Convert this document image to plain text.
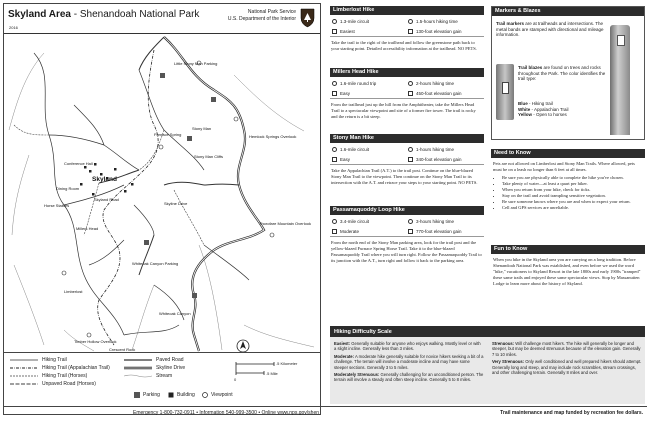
Skyland Area - Shenandoah National Park
2016
National Park Service
U.S. Department of the Interior
Little Stony Man Parking
Stony Man
Stony Man Cliffs
Furnace Spring
Skyland
Hemlock Springs Overlook
Conference Hall
Dining Room
Horse Stables
Thorofare Mountain Overlook
Whiteoak Canyon Parking
Limberlost
Millers Head
Skyline Drive
Timber Hollow Overlook
Crescent Rock
Whiteoak Canyon
Skyland Road
Hiking Trail
Hiking Trail (Appalachian Trail)
Hiking Trail (Horses)
Unpaved Road (Horses)
Paved Road
Skyline Drive
Stream
Parking	Building	Viewpoint
0
.5 Kilometer
.5 Mile
Limberlost Hike
1.3-mile circuit	1.5-hours hiking time
Easiest	130-foot elevation gain
Take the trail to the right of the trailhead and follow the greenstone path back to your starting point. Detailed accessibility information at the trailhead. NO PETS.
Millers Head Hike
1.6-mile round trip	2-hours hiking time
Easy	450-foot elevation gain
From the trailhead just up the hill from the Amphitheater, take the Millers Head Trail to a spectacular viewpoint and site of a former fire tower. The trail is rocky and the return is a bit steep.
Stony Man Hike
1.6-mile circuit	1-hours hiking time
Easy	340-foot elevation gain
Take the Appalachian Trail (A.T.) to the trail post. Continue on the blue-blazed Stony Man Trail to the viewpoint. Then continue on the Stony Man Trail to its intersection with the A.T. and retrace your steps to your starting point. NO PETS.
Passamaquoddy Loop Hike
3.4-mile circuit	3-hours hiking time
Moderate	770-foot elevation gain
From the north end of the Stony Man parking area, look for the trail post and the yellow-blazed Furnace Spring Horse Trail. Take it to the blue-blazed Passamaquoddy Trail where you will turn right. Follow the Passamaquoddy Trail to its junction with the A.T., turn right and follow it back to the parking area.
Markers & Blazes
Trail markers are at trailheads and intersections. The metal bands are stamped with directional and mileage information.
Trail blazes are found on trees and rocks throughout the Park. The color identifies the trail type:
Blue - Hiking trail
White - Appalachian Trail
Yellow - Open to horses
Need to Know
Pets are not allowed on Limberlost and Stony Man Trails. Where allowed, pets must be on a leash no longer than 6 feet at all times.
• Be sure you are physically able to complete the hike you've chosen.
• Take plenty of water—at least a quart per hiker.
• When you return from your hike, check for ticks.
• Stay on the trail and avoid trampling sensitive vegetation.
• Be sure someone knows where you are and when to expect your return.
• Cell and GPS services are unreliable.
Fun to Know
When you hike in the Skyland area you are carrying on a long tradition. Before Shenandoah National Park was established, and even before we used the word "hike," vacationers to Skyland Resort in the late 1800s and early 1900s "tramped" these same trails and enjoyed these same spectacular views. Stop by Massanutten Lodge to learn more about the history of Skyland.
Hiking Difficulty Scale

Easiest: Generally suitable for anyone who enjoys walking. Mostly level or with a slight incline. Generally less than 3 miles.

Moderate: A moderate hike generally suitable for novice hikers seeking a bit of a challenge. The terrain will involve a moderate incline and may have some steeper sections. Generally 3 to 5 miles.

Moderately Strenuous: Generally challenging for an unconditioned person. The terrain will involve a steady and often steep incline. Generally 5 to 8 miles.

Strenuous: Will challenge most hikers. The hike will generally be longer and steeper, but may be deemed strenuous because of the elevation gain. Generally 7 to 10 miles.

Very Strenuous: Only well conditioned and well prepared hikers should attempt. Generally long and steep, and may include rock scrambles, stream crossings, and other challenging terrain. Generally 8 miles and over.

Emergency 1-800-732-0911 • Information 540-999-3500 • Online www.nps.gov/shen	Trail maintenance and map funded by recreation fee dollars.
